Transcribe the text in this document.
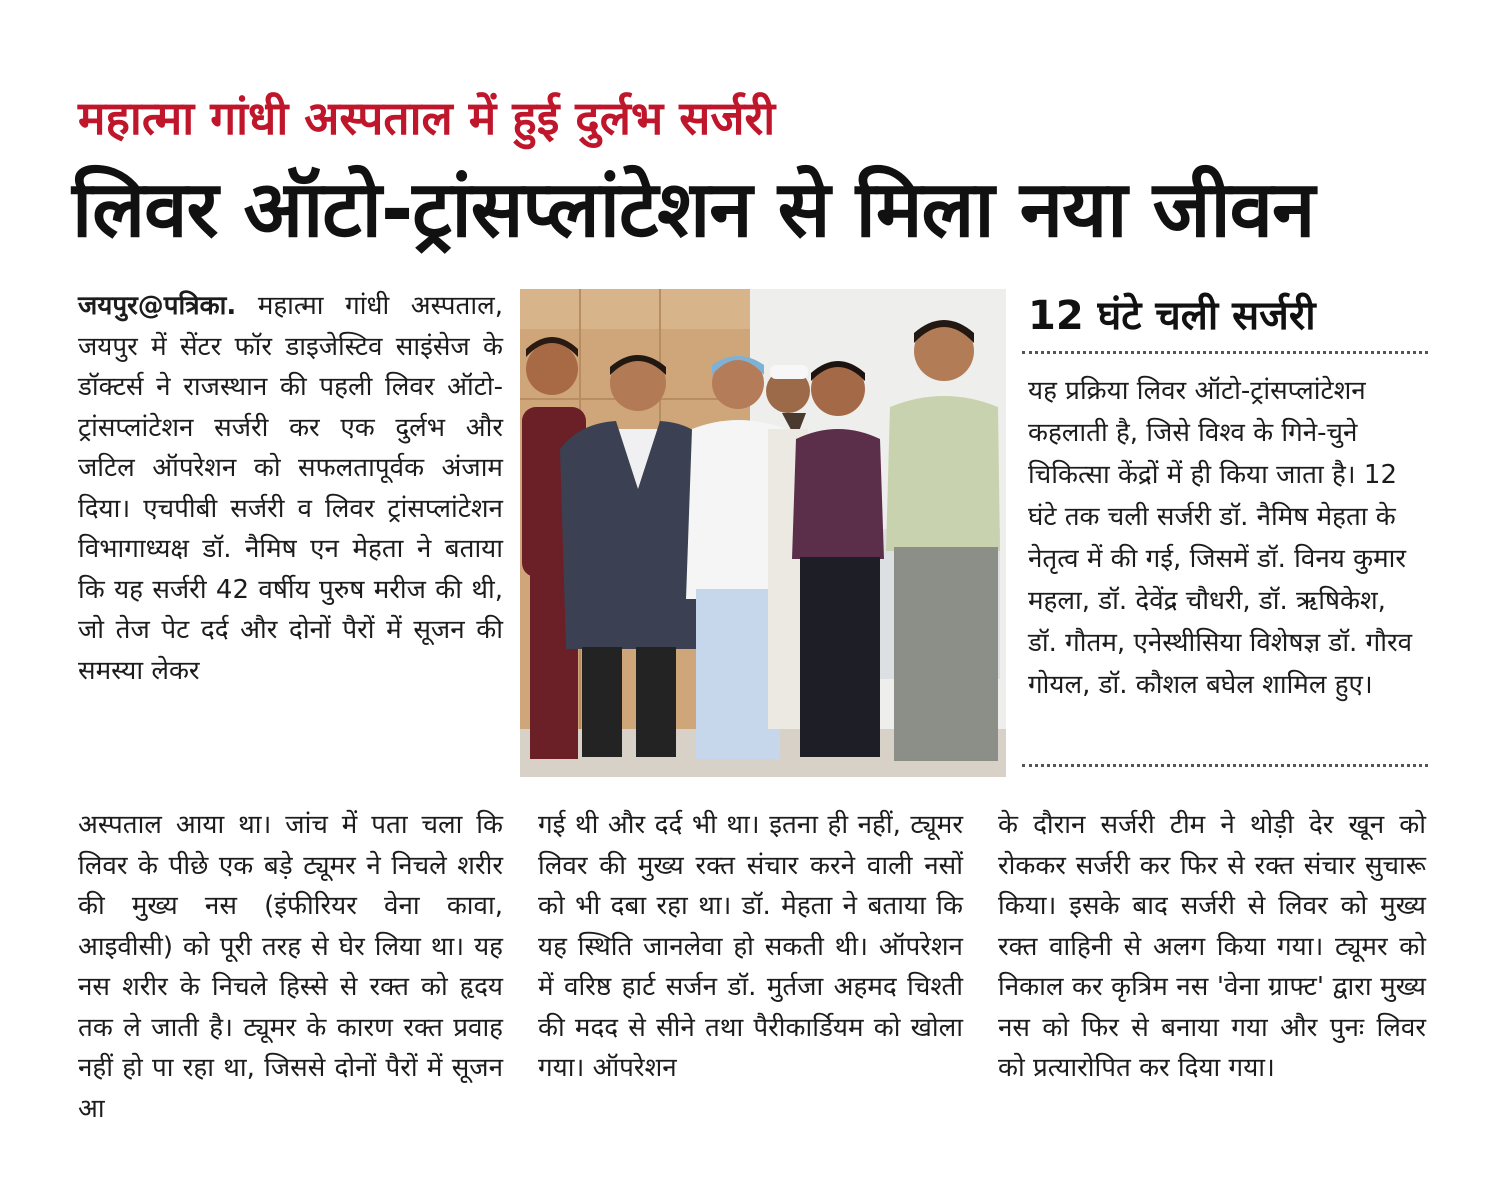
महात्मा गांधी अस्पताल में हुई दुर्लभ सर्जरी
लिवर ऑटो-ट्रांसप्लांटेशन से मिला नया जीवन

जयपुर@पत्रिका. महात्मा गांधी अस्पताल, जयपुर में सेंटर फॉर डाइजेस्टिव साइंसेज के डॉक्टर्स ने राजस्थान की पहली लिवर ऑटो-ट्रांसप्लांटेशन सर्जरी कर एक दुर्लभ और जटिल ऑपरेशन को सफलतापूर्वक अंजाम दिया। एचपीबी सर्जरी व लिवर ट्रांसप्लांटेशन विभागाध्यक्ष डॉ. नैमिष एन मेहता ने बताया कि यह सर्जरी 42 वर्षीय पुरुष मरीज की थी, जो तेज पेट दर्द और दोनों पैरों में सूजन की समस्या लेकर

12 घंटे चली सर्जरी
यह प्रक्रिया लिवर ऑटो-ट्रांसप्लांटेशन कहलाती है, जिसे विश्व के गिने-चुने चिकित्सा केंद्रों में ही किया जाता है। 12 घंटे तक चली सर्जरी डॉ. नैमिष मेहता के नेतृत्व में की गई, जिसमें डॉ. विनय कुमार महला, डॉ. देवेंद्र चौधरी, डॉ. ऋषिकेश, डॉ. गौतम, एनेस्थीसिया विशेषज्ञ डॉ. गौरव गोयल, डॉ. कौशल बघेल शामिल हुए।

अस्पताल आया था। जांच में पता चला कि लिवर के पीछे एक बड़े ट्यूमर ने निचले शरीर की मुख्य नस (इंफीरियर वेना कावा, आइवीसी) को पूरी तरह से घेर लिया था। यह नस शरीर के निचले हिस्से से रक्त को हृदय तक ले जाती है। ट्यूमर के कारण रक्त प्रवाह नहीं हो पा रहा था, जिससे दोनों पैरों में सूजन आ

गई थी और दर्द भी था। इतना ही नहीं, ट्यूमर लिवर की मुख्य रक्त संचार करने वाली नसों को भी दबा रहा था। डॉ. मेहता ने बताया कि यह स्थिति जानलेवा हो सकती थी। ऑपरेशन में वरिष्ठ हार्ट सर्जन डॉ. मुर्तजा अहमद चिश्ती की मदद से सीने तथा पैरीकार्डियम को खोला गया। ऑपरेशन

के दौरान सर्जरी टीम ने थोड़ी देर खून को रोककर सर्जरी कर फिर से रक्त संचार सुचारू किया। इसके बाद सर्जरी से लिवर को मुख्य रक्त वाहिनी से अलग किया गया। ट्यूमर को निकाल कर कृत्रिम नस 'वेना ग्राफ्ट' द्वारा मुख्य नस को फिर से बनाया गया और पुनः लिवर को प्रत्यारोपित कर दिया गया।
